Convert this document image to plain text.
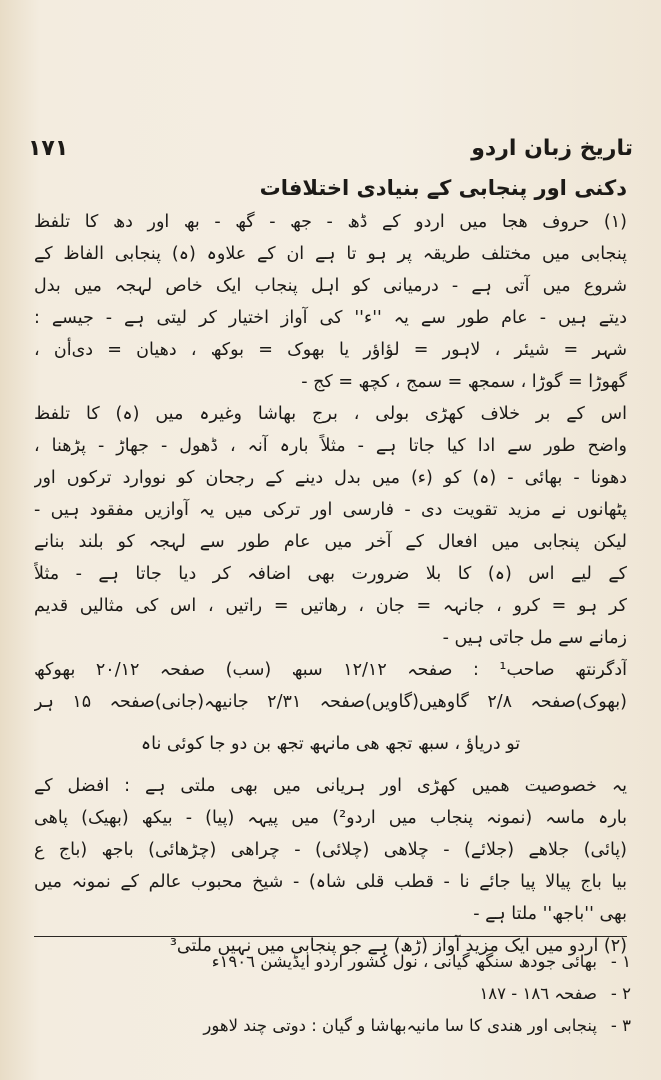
۱۷۱	تاریخ زبان اردو
دکنی اور پنجابی کے بنیادی اختلافات
(۱) حروف ھجا میں اردو کے ڈھ - جھ - گھ - بھ اور دھ کا تلفظ
پنجابی میں مختلف طریقہ پر ہو تا ہے ان کے علاوہ (ہ) پنجابی الفاظ کے
شروع میں آتی ہے - درمیانی کو اہل پنجاب ایک خاص لہجہ میں بدل
دیتے ہیں - عام طور سے یہ ''ء'' کی آواز اختیار کر لیتی ہے - جیسے :
شہر = شیئر ، لاہور = لؤاؤر یا بھوک = بوکھ ، دھیان = دی‌أن ،
گھوڑا = گوڑا ، سمجھ = سمج ، کچھ = کج -
اس کے بر خلاف کھڑی بولی ، برج بھاشا وغیرہ میں (ہ) کا تلفظ
واضح طور سے ادا کیا جاتا ہے - مثلاً بارہ آنہ ، ڈھول - جھاڑ - پڑھنا ،
دھونا - بھائی - (ہ) کو (ء) میں بدل دینے کے رجحان کو نووارد ترکوں اور
پٹھانوں نے مزید تقویت دی - فارسی اور ترکی میں یہ آوازیں مفقود ہیں -
لیکن پنجابی میں افعال کے آخر میں عام طور سے لہجہ کو بلند بنانے
کے لیے اس (ہ) کا بلا ضرورت بھی اضافہ کر دیا جاتا ہے - مثلاً
کر ہو = کرو ، جانہہ = جان ، رھاتیں = راتیں ، اس کی مثالیں قدیم
زمانے سے مل جاتی ہیں -
آدگرنتھ صاحب¹ : صفحہ ۱۲/۱۲ سبھ (سب) صفحہ ۲۰/۱۲ بھوکھ
(بھوک)صفحہ ۲/۸ گاوھیں(گاویں)صفحہ ۲/۳۱ جانیھہ(جانی)صفحہ ۱۵ ہر
تو دریاؤ ، سبھ تجھ ھی مانہھ تجھ بن دو جا کوئی ناہ
یہ خصوصیت ھمیں کھڑی اور ہریانی میں بھی ملتی ہے : افضل کے
بارہ ماسہ (نمونہ پنجاب میں اردو²) میں پیہہ (پیا) - بیکھ (بھیک) پاھی
(پائی) جلاھے (جلائے) - چلاھی (چلائی) - چراھی (چڑھائی) باجھ (باج ع
بیا باج پیالا پیا جائے نا - قطب قلی شاہ) - شیخ محبوب عالم کے نمونہ میں
بھی ''باجھ'' ملتا ہے -
(۲) اردو میں ایک مزید آواز (ڑھ) ہے جو پنجابی میں نہیں ملتی³
۱ -
بھائی جودھ سنگھ گیانی ، نول کشور اردو ایڈیشن ۱۹۰٦ء
۲ -
صفحہ ۱۸٦ - ۱۸۷
۳ -
پنجابی اور ھندی کا سا مانیہ‌بھاشا و گیان : دوتی چند لاھور
